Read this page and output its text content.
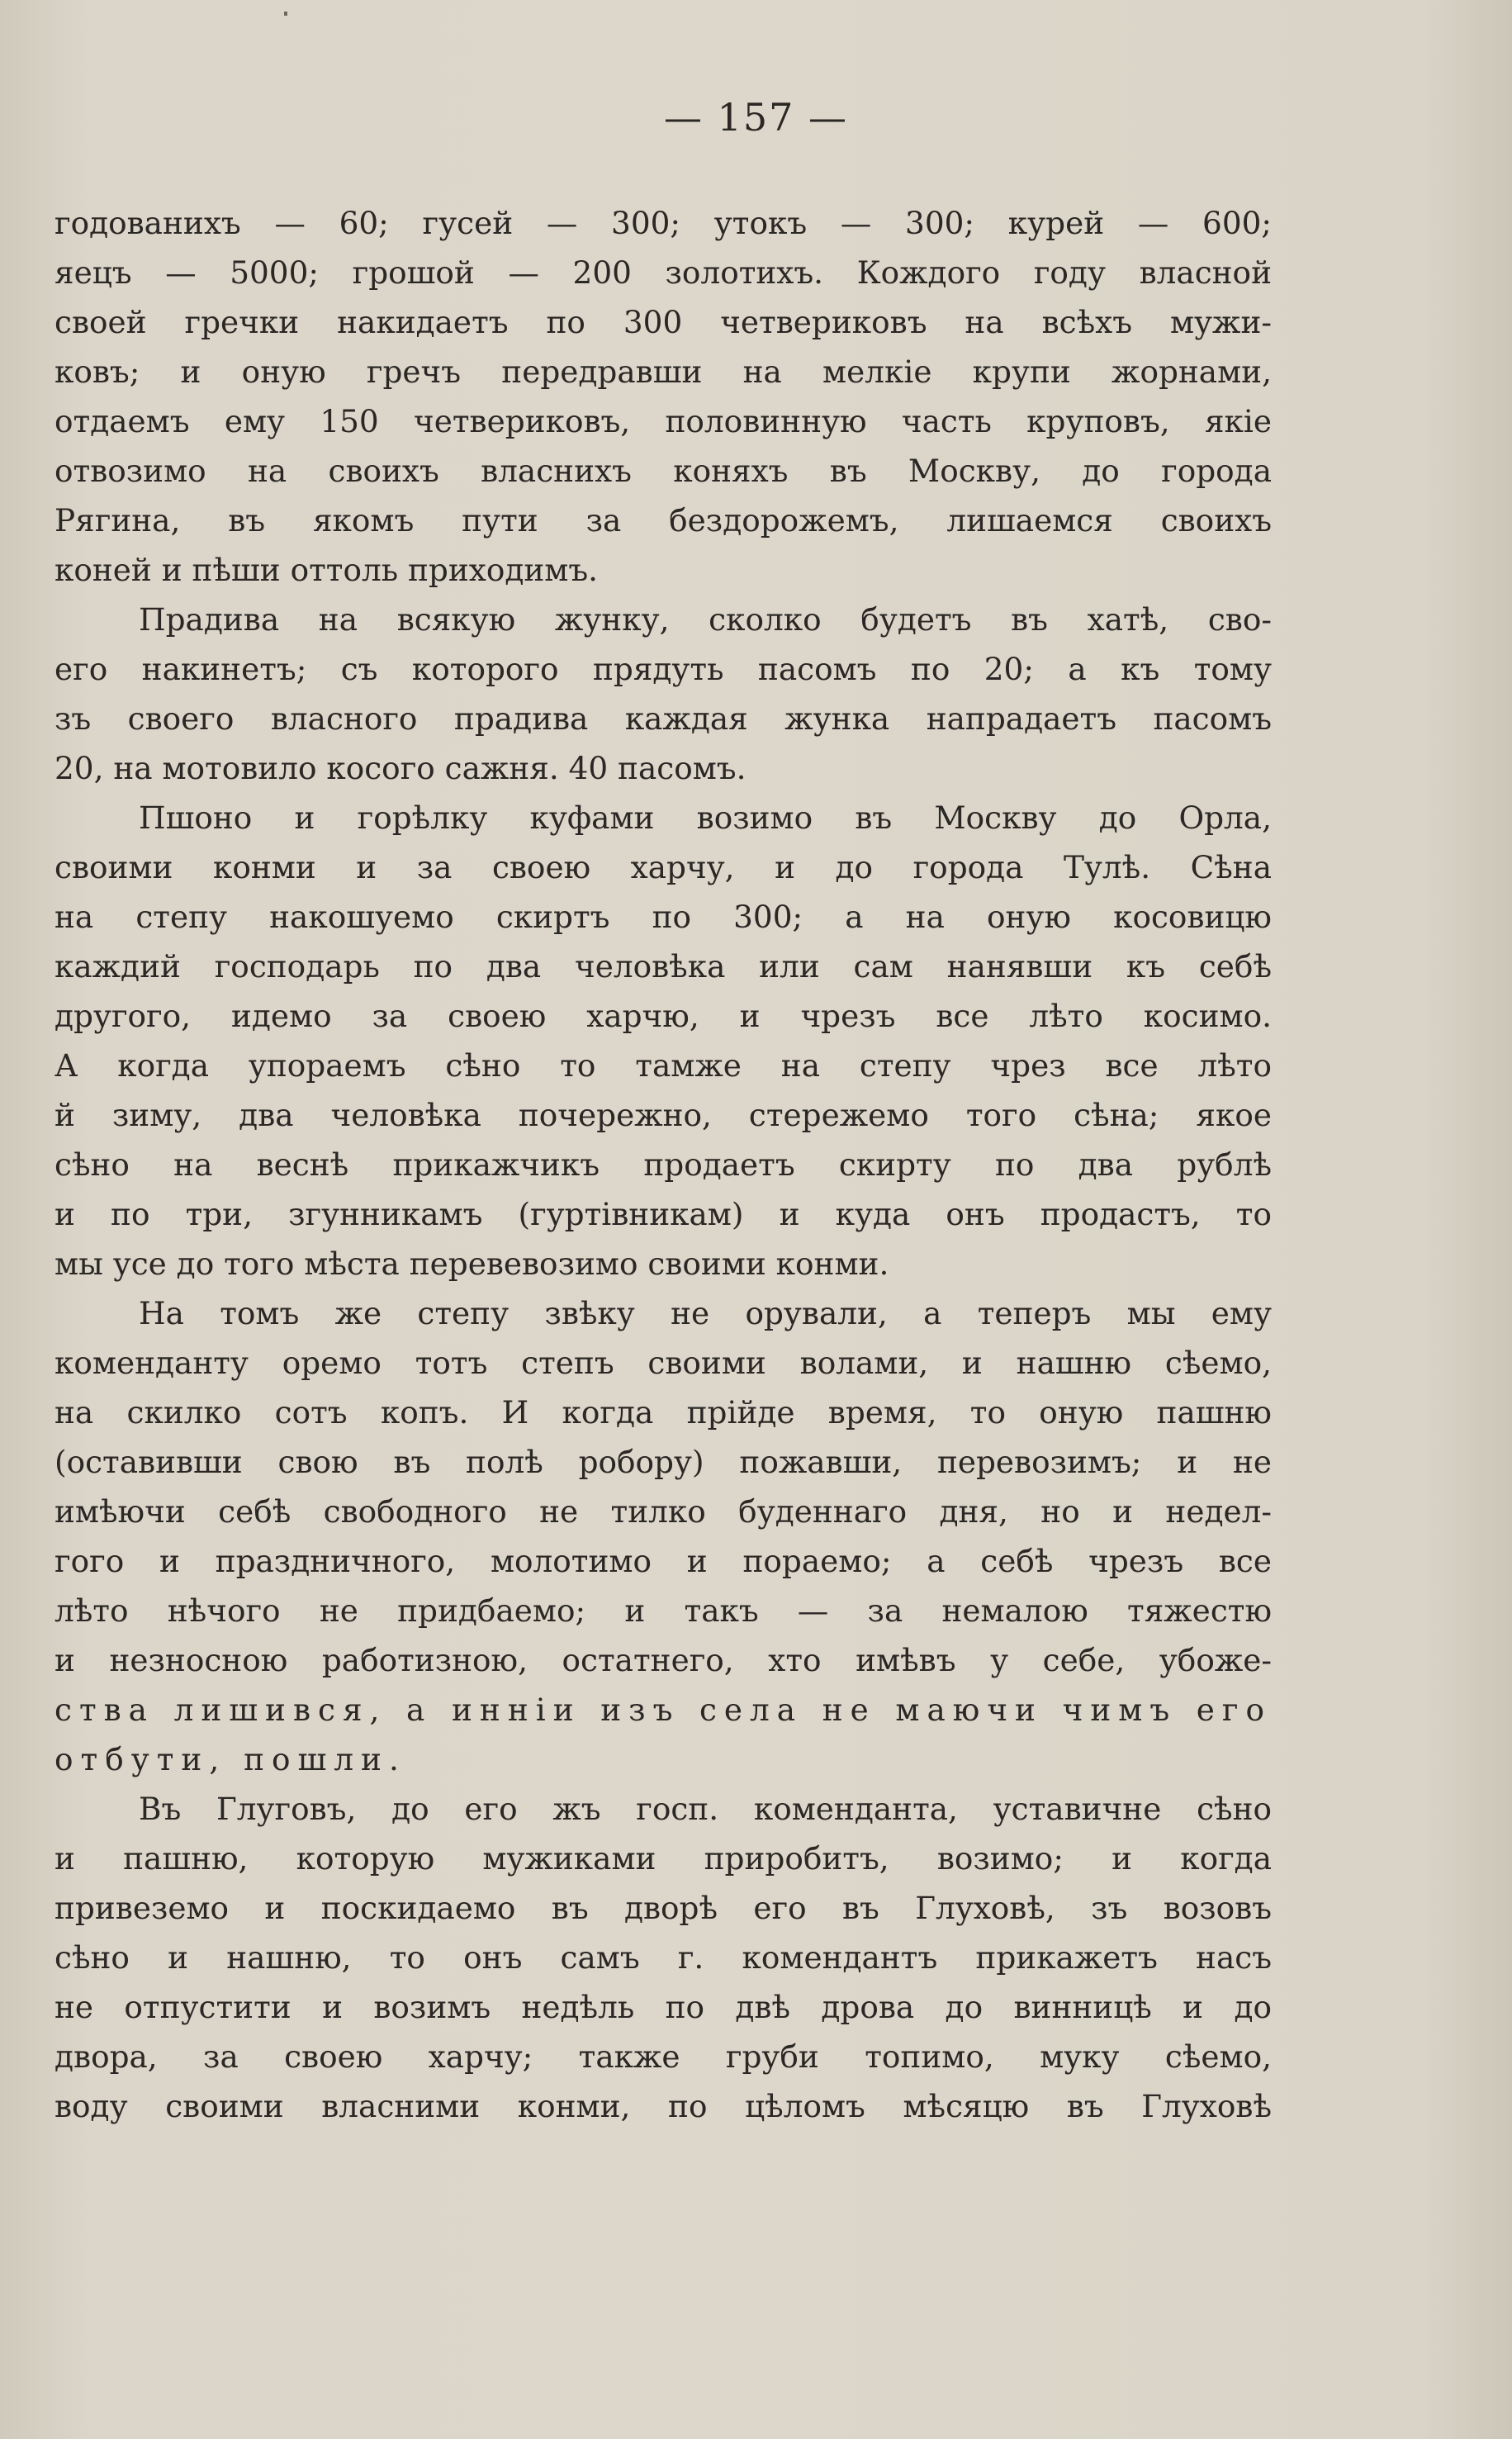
— 157 —
годованихъ — 60; гусей — 300; утокъ — 300; курей — 600;
яецъ — 5000; грошой — 200 золотихъ. Кождого году власной
своей гречки накидаетъ по 300 четвериковъ на всѣхъ мужи-
ковъ; и оную гречъ передравши на мелкіе крупи жорнами,
отдаемъ ему 150 четвериковъ, половинную часть круповъ, якіе
отвозимо на своихъ власнихъ коняхъ въ Москву, до города
Рягина, въ якомъ пути за бездорожемъ, лишаемся своихъ
коней и пѣши оттоль приходимъ.
Прадива на всякую жунку, сколко будетъ въ хатѣ, сво-
его накинетъ; съ которого прядуть пасомъ по 20; а къ тому
зъ своего власного прадива каждая жунка напрадаетъ пасомъ
20, на мотовило косого сажня. 40 пасомъ.
Пшоно и горѣлку куфами возимо въ Москву до Орла,
своими конми и за своею харчу, и до города Тулѣ. Сѣна
на степу накошуемо скиртъ по 300; а на оную косовицю
каждий господарь по два человѣка или сам нанявши къ себѣ
другого, идемо за своею харчю, и чрезъ все лѣто косимо.
А когда упораемъ сѣно то тамже на степу чрез все лѣто
й зиму, два человѣка почережно, стережемо того сѣна; якое
сѣно на веснѣ прикажчикъ продаетъ скирту по два рублѣ
и по три, згунникамъ (гуртівникам) и куда онъ продастъ, то
мы усе до того мѣста перевевозимо своими конми.
На томъ же степу звѣку не орували, а теперъ мы ему
коменданту оремо тотъ степъ своими волами, и нашню сѣемо,
на скилко сотъ копъ. И когда прійде время, то оную пашню
(оставивши свою въ полѣ робору) пожавши, перевозимъ; и не
имѣючи себѣ свободного не тилко буденнаго дня, но и недел-
гого и праздничного, молотимо и пораемо; а себѣ чрезъ все
лѣто нѣчого не придбаемо; и такъ — за немалою тяжестю
и незносною работизною, остатнего, хто имѣвъ у себе, убоже-
ства лишився, а инніи изъ села не маючи чимъ его
отбути, пошли.
Въ Глуговъ, до его жъ госп. коменданта, уставичне сѣно
и пашню, которую мужиками приробитъ, возимо; и когда
привеземо и поскидаемо въ дворѣ его въ Глуховѣ, зъ возовъ
сѣно и нашню, то онъ самъ г. комендантъ прикажетъ насъ
не отпустити и возимъ недѣль по двѣ дрова до винницѣ и до
двора, за своею харчу; также груби топимо, муку сѣемо,
воду своими власними конми, по цѣломъ мѣсяцю въ Глуховѣ
